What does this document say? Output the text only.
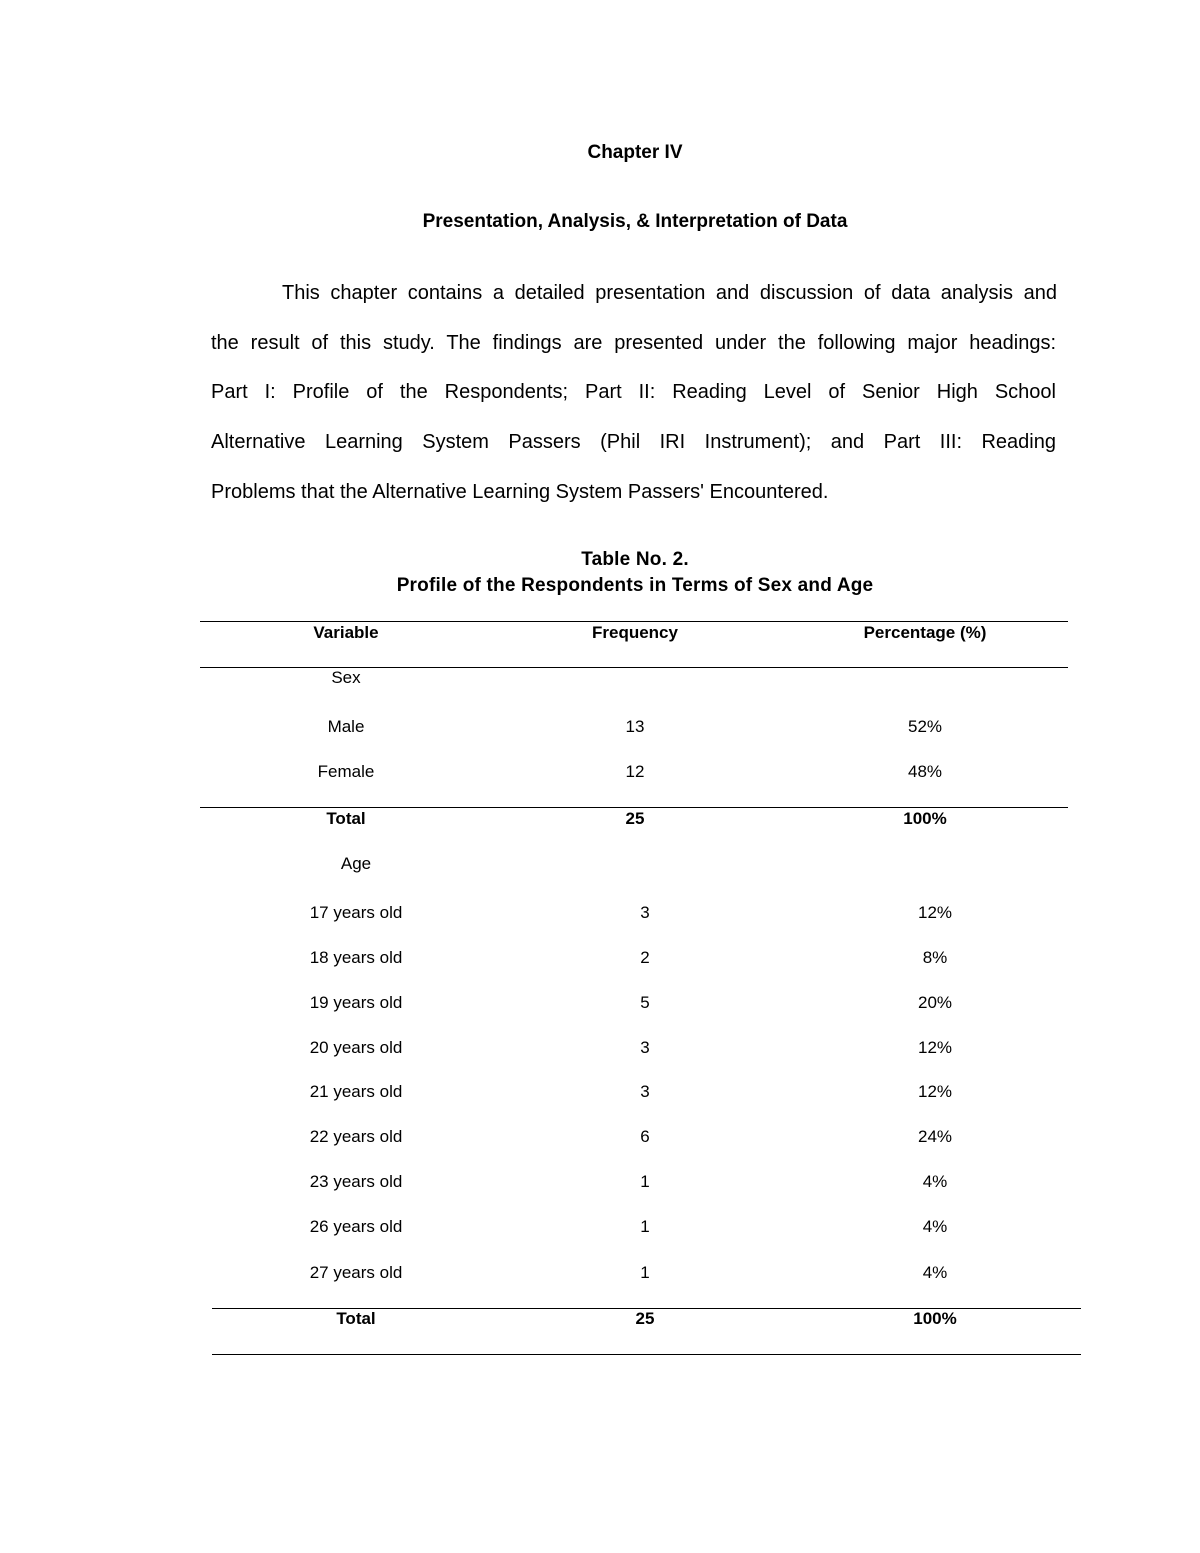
Chapter IV
Presentation, Analysis, & Interpretation of Data
This chapter contains a detailed presentation and discussion of data analysis and
the result of this study. The findings are presented under the following major headings:
Part I: Profile of the Respondents; Part II: Reading Level of Senior High School
Alternative Learning System Passers (Phil IRI Instrument); and Part III: Reading
Problems that the Alternative Learning System Passers' Encountered.
Table No. 2.
Profile of the Respondents in Terms of Sex and Age
Variable	Frequency	Percentage (%)
Sex
Male	13	52%
Female	12	48%
Total	25	100%
Age
17 years old	3	12%
18 years old	2	8%
19 years old	5	20%
20 years old	3	12%
21 years old	3	12%
22 years old	6	24%
23 years old	1	4%
26 years old	1	4%
27 years old	1	4%
Total	25	100%
